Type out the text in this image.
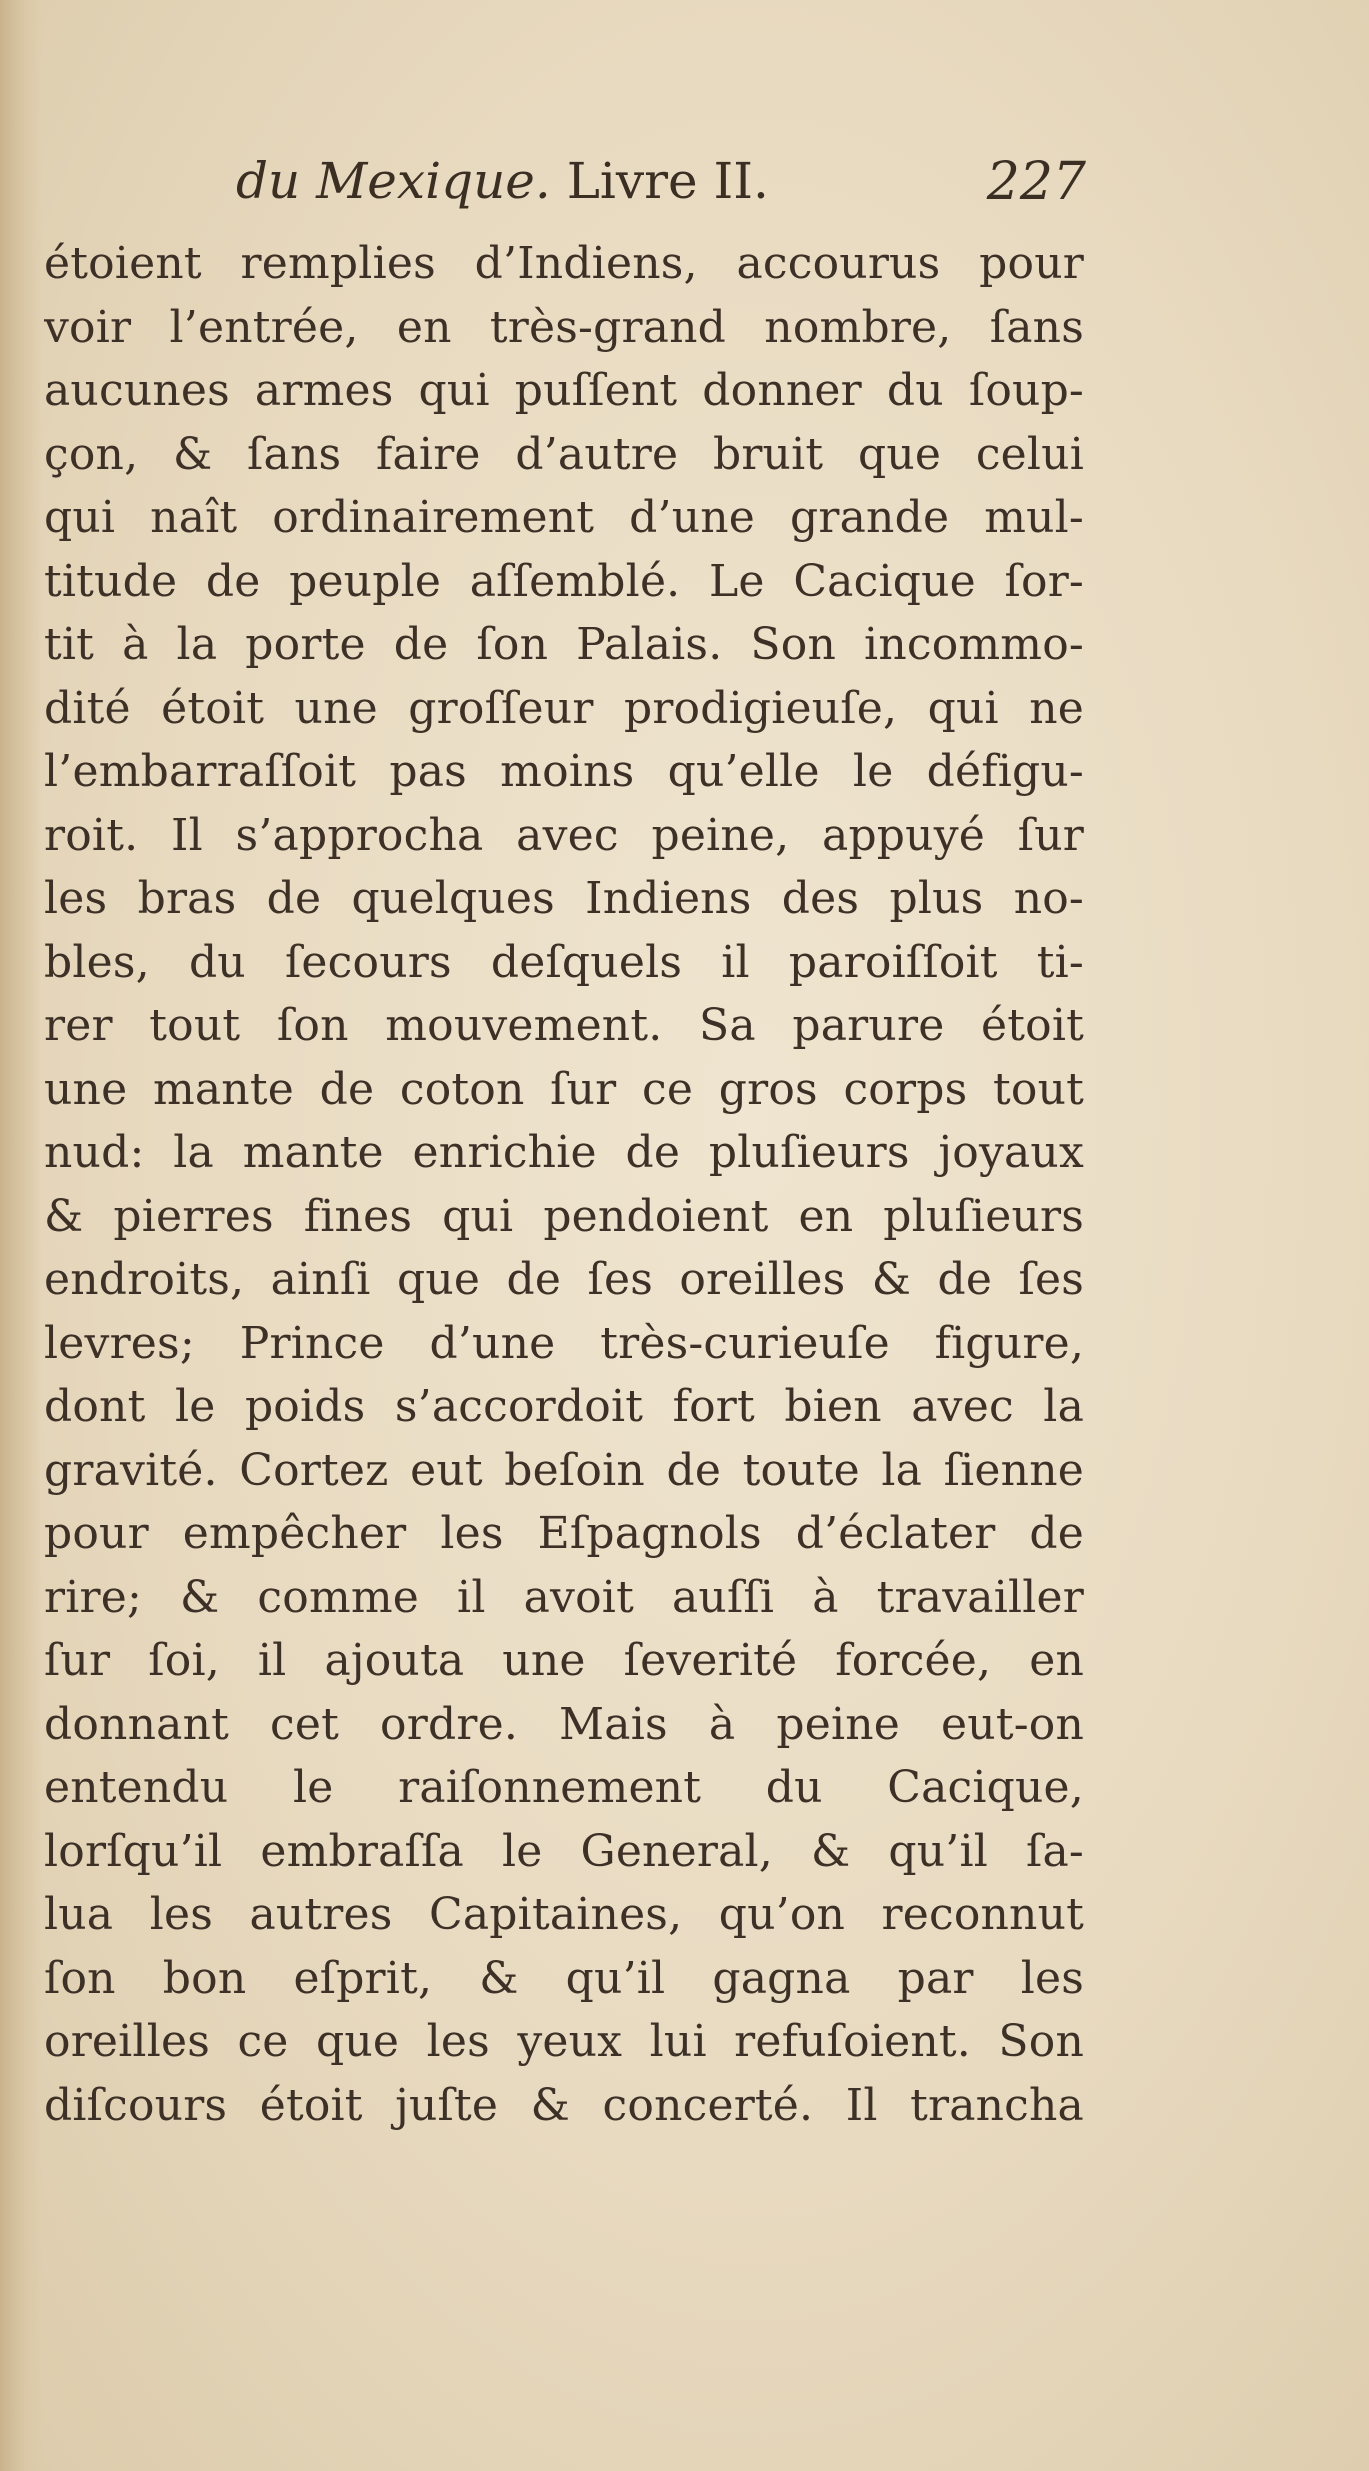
du Mexique. Livre II.	227
étoient remplies d’Indiens, accourus pour
voir l’entrée, en très-grand nombre, ſans
aucunes armes qui puſſent donner du ſoup-
çon, & ſans faire d’autre bruit que celui
qui naît ordinairement d’une grande mul-
titude de peuple aſſemblé. Le Cacique ſor-
tit à la porte de ſon Palais. Son incommo-
dité étoit une groſſeur prodigieuſe, qui ne
l’embarraſſoit pas moins qu’elle le défigu-
roit. Il s’approcha avec peine, appuyé ſur
les bras de quelques Indiens des plus no-
bles, du ſecours deſquels il paroiſſoit ti-
rer tout ſon mouvement. Sa parure étoit
une mante de coton ſur ce gros corps tout
nud: la mante enrichie de pluſieurs joyaux
& pierres fines qui pendoient en pluſieurs
endroits, ainſi que de ſes oreilles & de ſes
levres; Prince d’une très-curieuſe figure,
dont le poids s’accordoit fort bien avec la
gravité. Cortez eut beſoin de toute la ſienne
pour empêcher les Eſpagnols d’éclater de
rire; & comme il avoit auſſi à travailler
ſur ſoi, il ajouta une ſeverité forcée, en
donnant cet ordre. Mais à peine eut-on
entendu le raiſonnement du Cacique,
lorſqu’il embraſſa le General, & qu’il ſa-
lua les autres Capitaines, qu’on reconnut
ſon bon eſprit, & qu’il gagna par les
oreilles ce que les yeux lui refuſoient. Son
diſcours étoit juſte & concerté. Il trancha
